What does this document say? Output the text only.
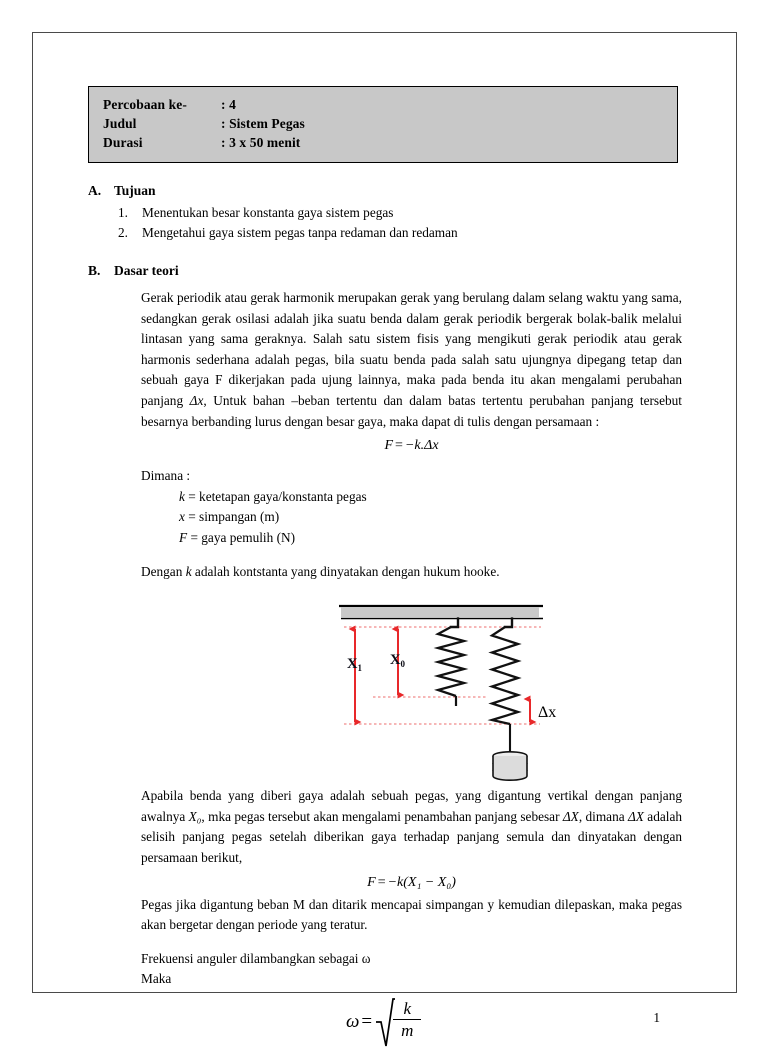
Percobaan ke-	: 4
Judul	: Sistem Pegas
Durasi	: 3 x 50 menit
A. Tujuan
1.	Menentukan besar konstanta gaya sistem pegas
2.	Mengetahui gaya sistem pegas tanpa redaman dan redaman
B.	Dasar teori

Gerak periodik atau gerak harmonik merupakan gerak yang berulang dalam selang waktu yang sama, sedangkan gerak osilasi adalah jika suatu benda dalam gerak periodik bergerak bolak-balik melalui lintasan yang sama geraknya. Salah satu sistem fisis yang mengikuti gerak periodik atau gerak harmonis sederhana adalah pegas, bila suatu benda pada salah satu ujungnya dipegang tetap dan sebuah gaya F dikerjakan pada ujung lainnya, maka pada benda itu akan mengalami perubahan panjang Δx, Untuk bahan –beban tertentu dan dalam batas tertentu perubahan panjang tersebut besarnya berbanding lurus dengan besar gaya, maka dapat di tulis dengan persamaan :

F = −k.Δx

Dimana :

k = ketetapan gaya/konstanta pegas
x = simpangan (m)
F = gaya pemulih (N)

Dengan k adalah kontstanta yang dinyatakan dengan hukum hooke.

$X_1$ $X_0$
Δx

Apabila benda yang diberi gaya adalah sebuah pegas, yang digantung vertikal dengan panjang awalnya X₀, mka pegas tersebut akan mengalami penambahan panjang sebesar ΔX, dimana ΔX adalah selisih panjang pegas setelah diberikan gaya terhadap panjang semula dan dinyatakan dengan persamaan berikut,

F = −k(X₁ − X₀)

Pegas jika digantung beban M dan ditarik mencapai simpangan y kemudian dilepaskan, maka pegas akan bergetar dengan periode yang teratur.

Frekuensi anguler dilambangkan sebagai ω

Maka

$\omega = \frac{k}{m}$	1
